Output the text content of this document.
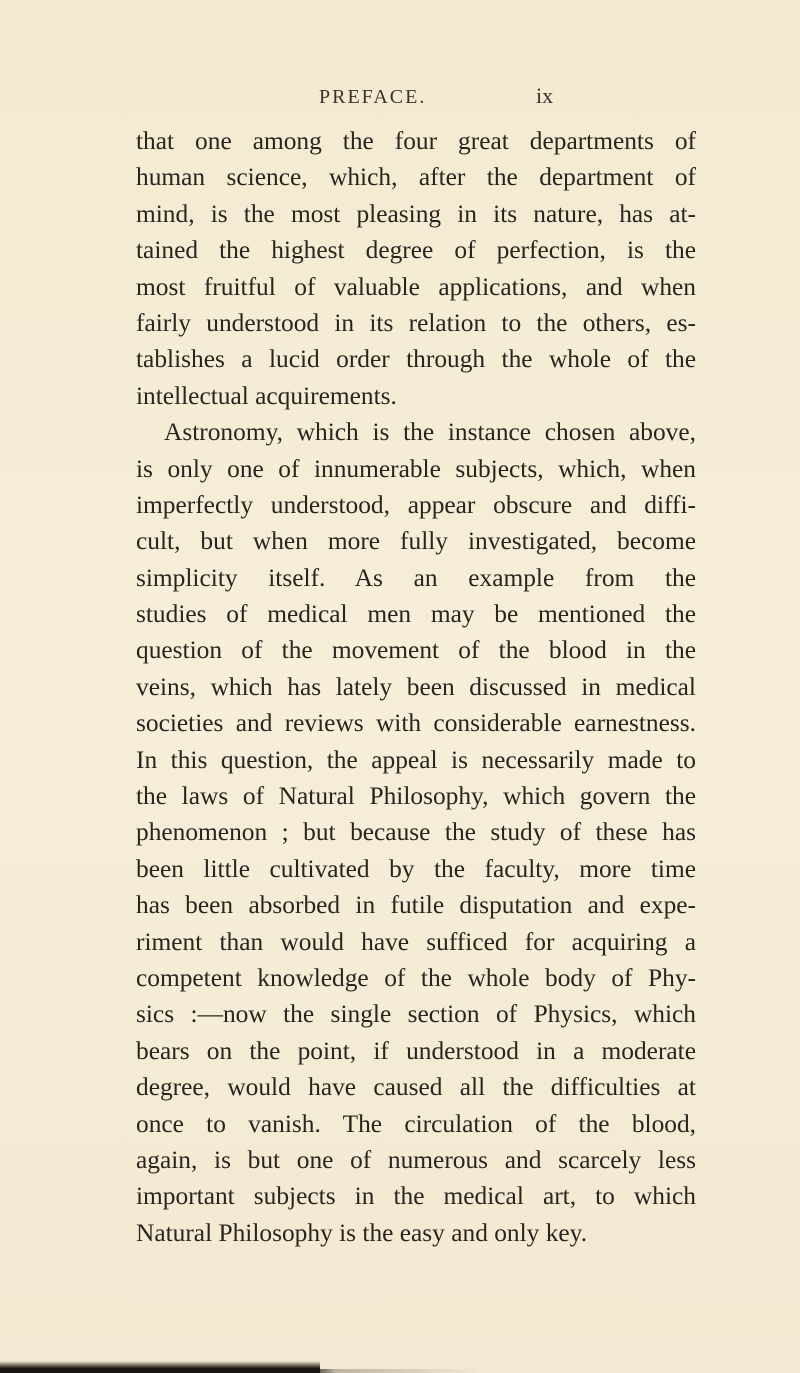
PREFACE.	ix
that one among the four great departments of
human science, which, after the department of
mind, is the most pleasing in its nature, has at-
tained the highest degree of perfection, is the
most fruitful of valuable applications, and when
fairly understood in its relation to the others, es-
tablishes a lucid order through the whole of the
intellectual acquirements.
Astronomy, which is the instance chosen above,
is only one of innumerable subjects, which, when
imperfectly understood, appear obscure and diffi-
cult, but when more fully investigated, become
simplicity itself. As an example from the
studies of medical men may be mentioned the
question of the movement of the blood in the
veins, which has lately been discussed in medical
societies and reviews with considerable earnestness.
In this question, the appeal is necessarily made to
the laws of Natural Philosophy, which govern the
phenomenon ; but because the study of these has
been little cultivated by the faculty, more time
has been absorbed in futile disputation and expe-
riment than would have sufficed for acquiring a
competent knowledge of the whole body of Phy-
sics :—now the single section of Physics, which
bears on the point, if understood in a moderate
degree, would have caused all the difficulties at
once to vanish. The circulation of the blood,
again, is but one of numerous and scarcely less
important subjects in the medical art, to which
Natural Philosophy is the easy and only key.
